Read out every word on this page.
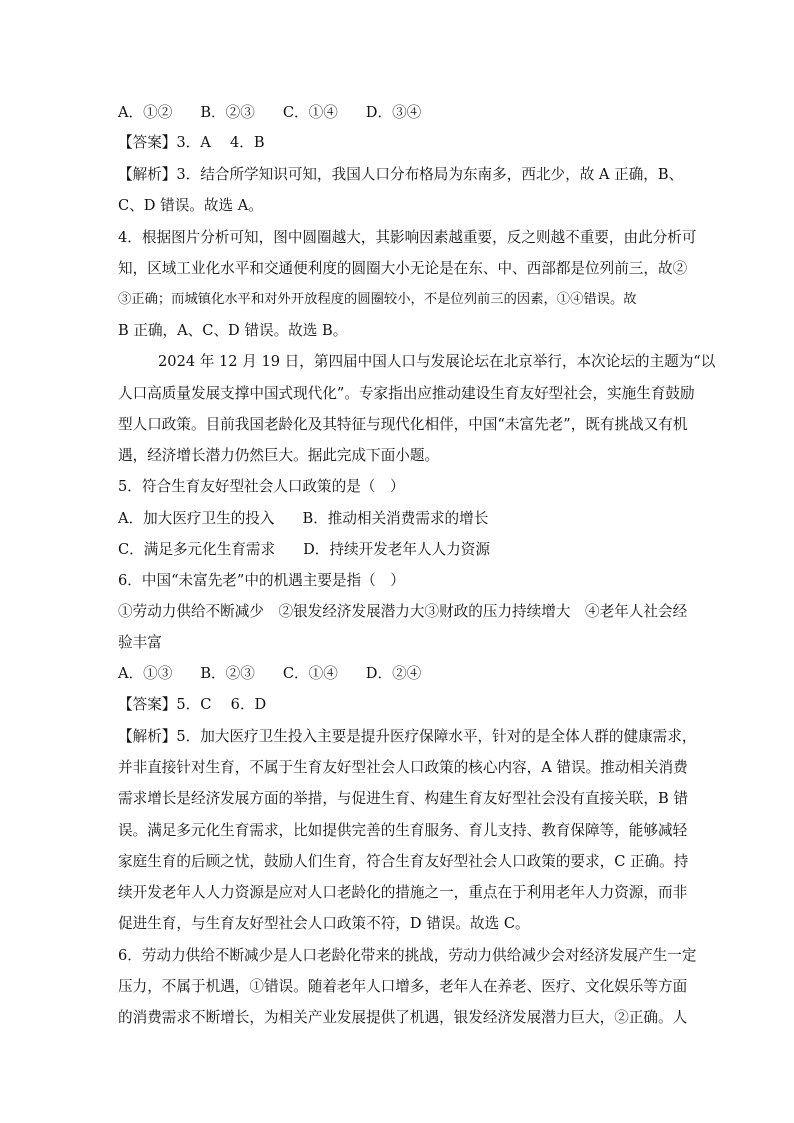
A．①② B．②③ C．①④ D．③④
【答案】3．A　 4．B
【解析】3．结合所学知识可知，我国人口分布格局为东南多，西北少，故 A 正确，B、
C、D 错误。故选 A。
4．根据图片分析可知，图中圆圈越大，其影响因素越重要，反之则越不重要，由此分析可
知，区域工业化水平和交通便利度的圆圈大小无论是在东、中、西部都是位列前三，故②
③正确；而城镇化水平和对外开放程度的圆圈较小，不是位列前三的因素，①④错误。故
B 正确，A、C、D 错误。故选 B。
2024 年 12 月 19 日，第四届中国人口与发展论坛在北京举行，本次论坛的主题为“以
人口高质量发展支撑中国式现代化”。专家指出应推动建设生育友好型社会，实施生育鼓励
型人口政策。目前我国老龄化及其特征与现代化相伴，中国“未富先老”，既有挑战又有机
遇，经济增长潜力仍然巨大。据此完成下面小题。
5．符合生育友好型社会人口政策的是（　）
A．加大医疗卫生的投入 B．推动相关消费需求的增长
C．满足多元化生育需求 D．持续开发老年人人力资源
6．中国“未富先老”中的机遇主要是指（　）
①劳动力供给不断减少　②银发经济发展潜力大③财政的压力持续增大　④老年人社会经
验丰富
A．①③ B．②③ C．①④ D．②④
【答案】5．C　 6．D
【解析】5．加大医疗卫生投入主要是提升医疗保障水平，针对的是全体人群的健康需求，
并非直接针对生育，不属于生育友好型社会人口政策的核心内容，A 错误。推动相关消费
需求增长是经济发展方面的举措，与促进生育、构建生育友好型社会没有直接关联，B 错
误。满足多元化生育需求，比如提供完善的生育服务、育儿支持、教育保障等，能够减轻
家庭生育的后顾之忧，鼓励人们生育，符合生育友好型社会人口政策的要求，C 正确。持
续开发老年人人力资源是应对人口老龄化的措施之一，重点在于利用老年人力资源，而非
促进生育，与生育友好型社会人口政策不符，D 错误。故选 C。
6．劳动力供给不断减少是人口老龄化带来的挑战，劳动力供给减少会对经济发展产生一定
压力，不属于机遇，①错误。随着老年人口增多，老年人在养老、医疗、文化娱乐等方面
的消费需求不断增长，为相关产业发展提供了机遇，银发经济发展潜力巨大，②正确。人
